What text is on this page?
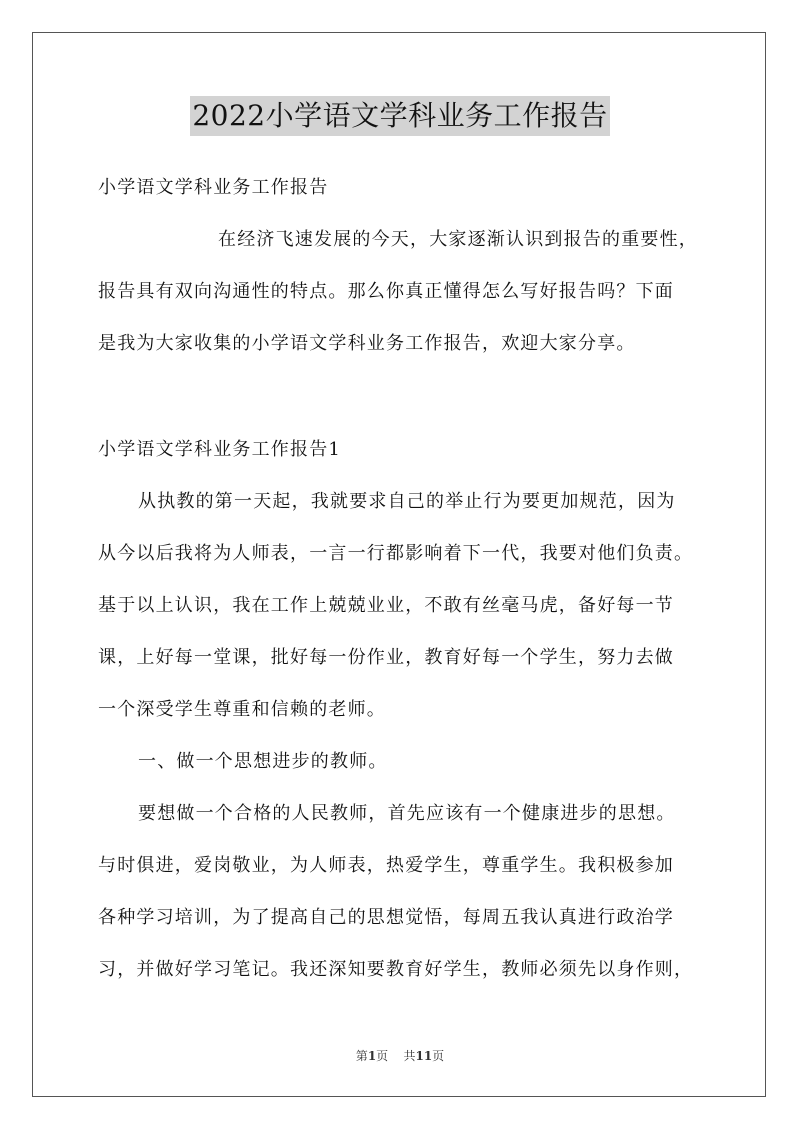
2022小学语文学科业务工作报告
小学语文学科业务工作报告
在经济飞速发展的今天，大家逐渐认识到报告的重要性，
报告具有双向沟通性的特点。那么你真正懂得怎么写好报告吗？下面
是我为大家收集的小学语文学科业务工作报告，欢迎大家分享。
小学语文学科业务工作报告1
从执教的第一天起，我就要求自己的举止行为要更加规范，因为
从今以后我将为人师表，一言一行都影响着下一代，我要对他们负责。
基于以上认识，我在工作上兢兢业业，不敢有丝毫马虎，备好每一节
课，上好每一堂课，批好每一份作业，教育好每一个学生，努力去做
一个深受学生尊重和信赖的老师。
一、做一个思想进步的教师。
要想做一个合格的人民教师，首先应该有一个健康进步的思想。
与时俱进，爱岗敬业，为人师表，热爱学生，尊重学生。我积极参加
各种学习培训，为了提高自己的思想觉悟，每周五我认真进行政治学
习，并做好学习笔记。我还深知要教育好学生，教师必须先以身作则，
第1页 共11页
